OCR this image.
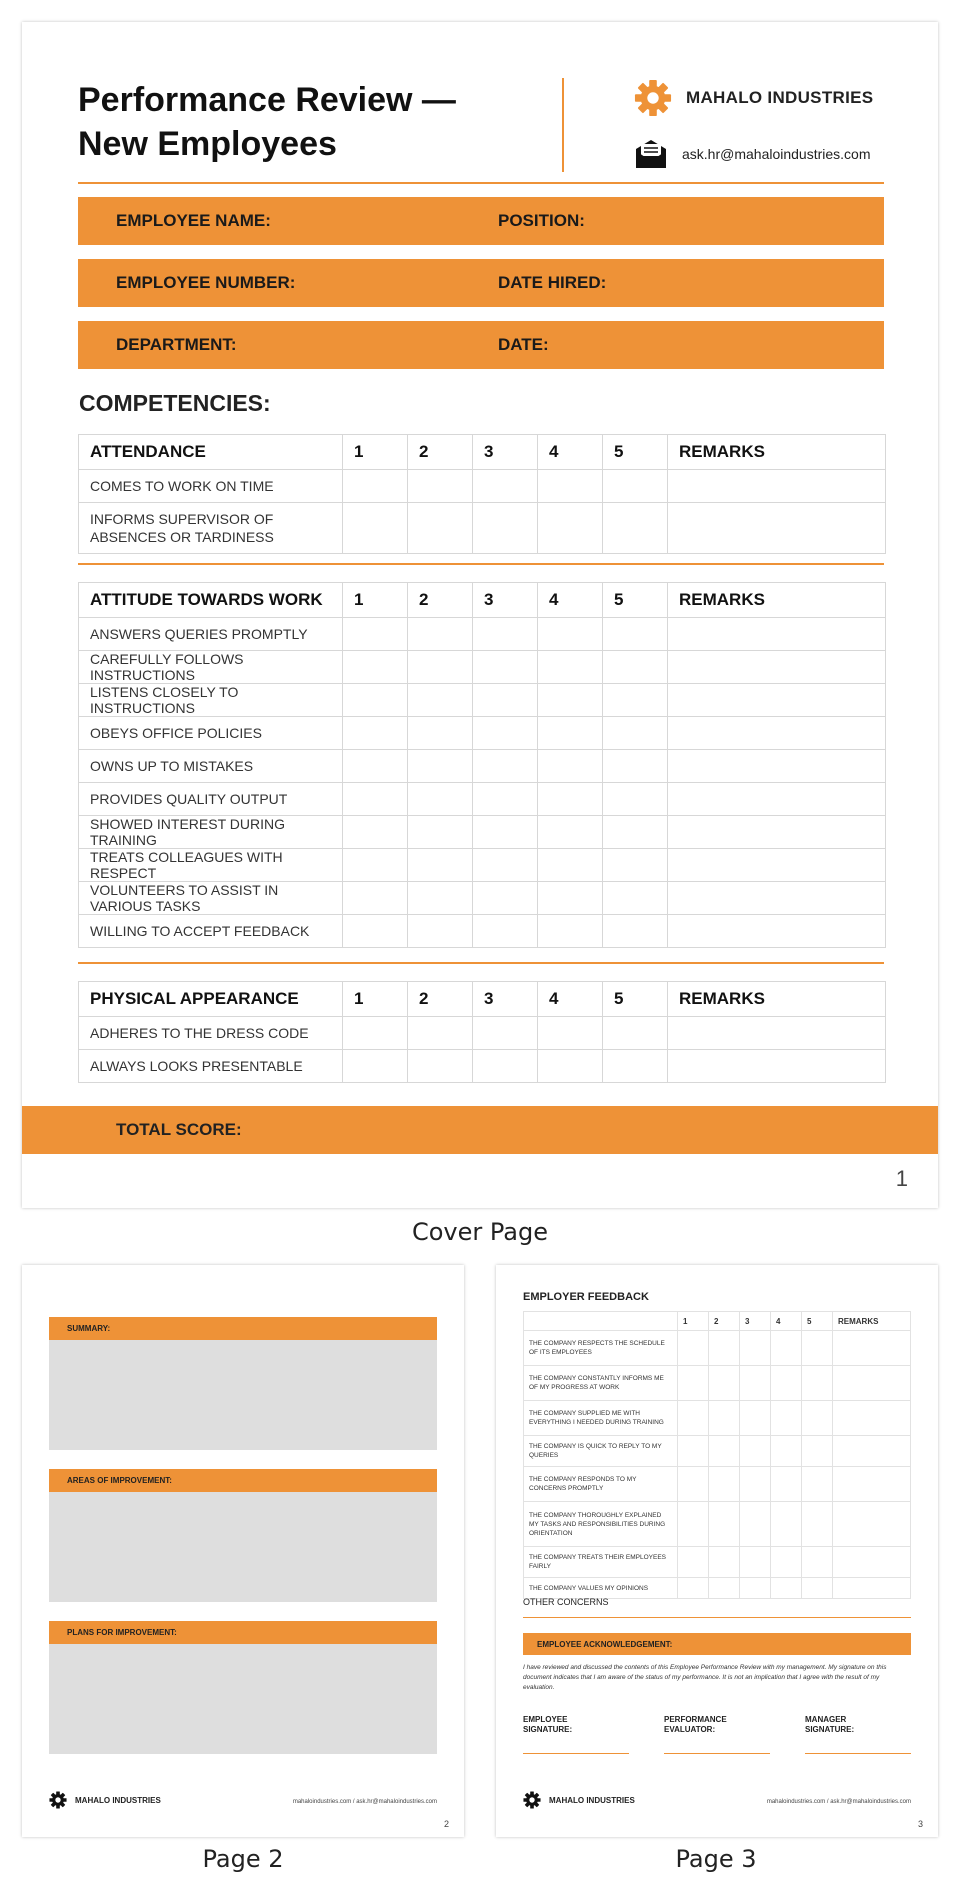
Performance Review —
New Employees
MAHALO INDUSTRIES
ask.hr@mahaloindustries.com
EMPLOYEE NAME:	POSITION:
EMPLOYEE NUMBER:	DATE HIRED:
DEPARTMENT:	DATE:
COMPETENCIES:
ATTENDANCE	1	2	3	4	5	REMARKS
COMES TO WORK ON TIME						
INFORMS SUPERVISOR OF ABSENCES OR TARDINESS						
ATTITUDE TOWARDS WORK	1	2	3	4	5	REMARKS
ANSWERS QUERIES PROMPTLY						
CAREFULLY FOLLOWS INSTRUCTIONS						
LISTENS CLOSELY TO INSTRUCTIONS						
OBEYS OFFICE POLICIES						
OWNS UP TO MISTAKES						
PROVIDES QUALITY OUTPUT						
SHOWED INTEREST DURING TRAINING						
TREATS COLLEAGUES WITH RESPECT						
VOLUNTEERS TO ASSIST IN VARIOUS TASKS						
WILLING TO ACCEPT FEEDBACK						
PHYSICAL APPEARANCE	1	2	3	4	5	REMARKS
ADHERES TO THE DRESS CODE						
ALWAYS LOOKS PRESENTABLE						
TOTAL SCORE:
1
Cover Page
SUMMARY:
AREAS OF IMPROVEMENT:
PLANS FOR IMPROVEMENT:
MAHALO INDUSTRIES	mahaloindustries.com / ask.hr@mahaloindustries.com
2
Page 2
EMPLOYER FEEDBACK
	1	2	3	4	5	REMARKS
THE COMPANY RESPECTS THE SCHEDULE OF ITS EMPLOYEES						
THE COMPANY CONSTANTLY INFORMS ME OF MY PROGRESS AT WORK						
THE COMPANY SUPPLIED ME WITH EVERYTHING I NEEDED DURING TRAINING						
THE COMPANY IS QUICK TO REPLY TO MY QUERIES						
THE COMPANY RESPONDS TO MY CONCERNS PROMPTLY						
THE COMPANY THOROUGHLY EXPLAINED MY TASKS AND RESPONSIBILITIES DURING ORIENTATION						
THE COMPANY TREATS THEIR EMPLOYEES FAIRLY						
THE COMPANY VALUES MY OPINIONS						
OTHER CONCERNS
EMPLOYEE ACKNOWLEDGEMENT:
I have reviewed and discussed the contents of this Employee Performance Review with my management. My signature on this document indicates that I am aware of the status of my performance. It is not an implication that I agree with the result of my evaluation.
EMPLOYEE
SIGNATURE:
PERFORMANCE
EVALUATOR:
MANAGER
SIGNATURE:
MAHALO INDUSTRIES	mahaloindustries.com / ask.hr@mahaloindustries.com
3
Page 3
